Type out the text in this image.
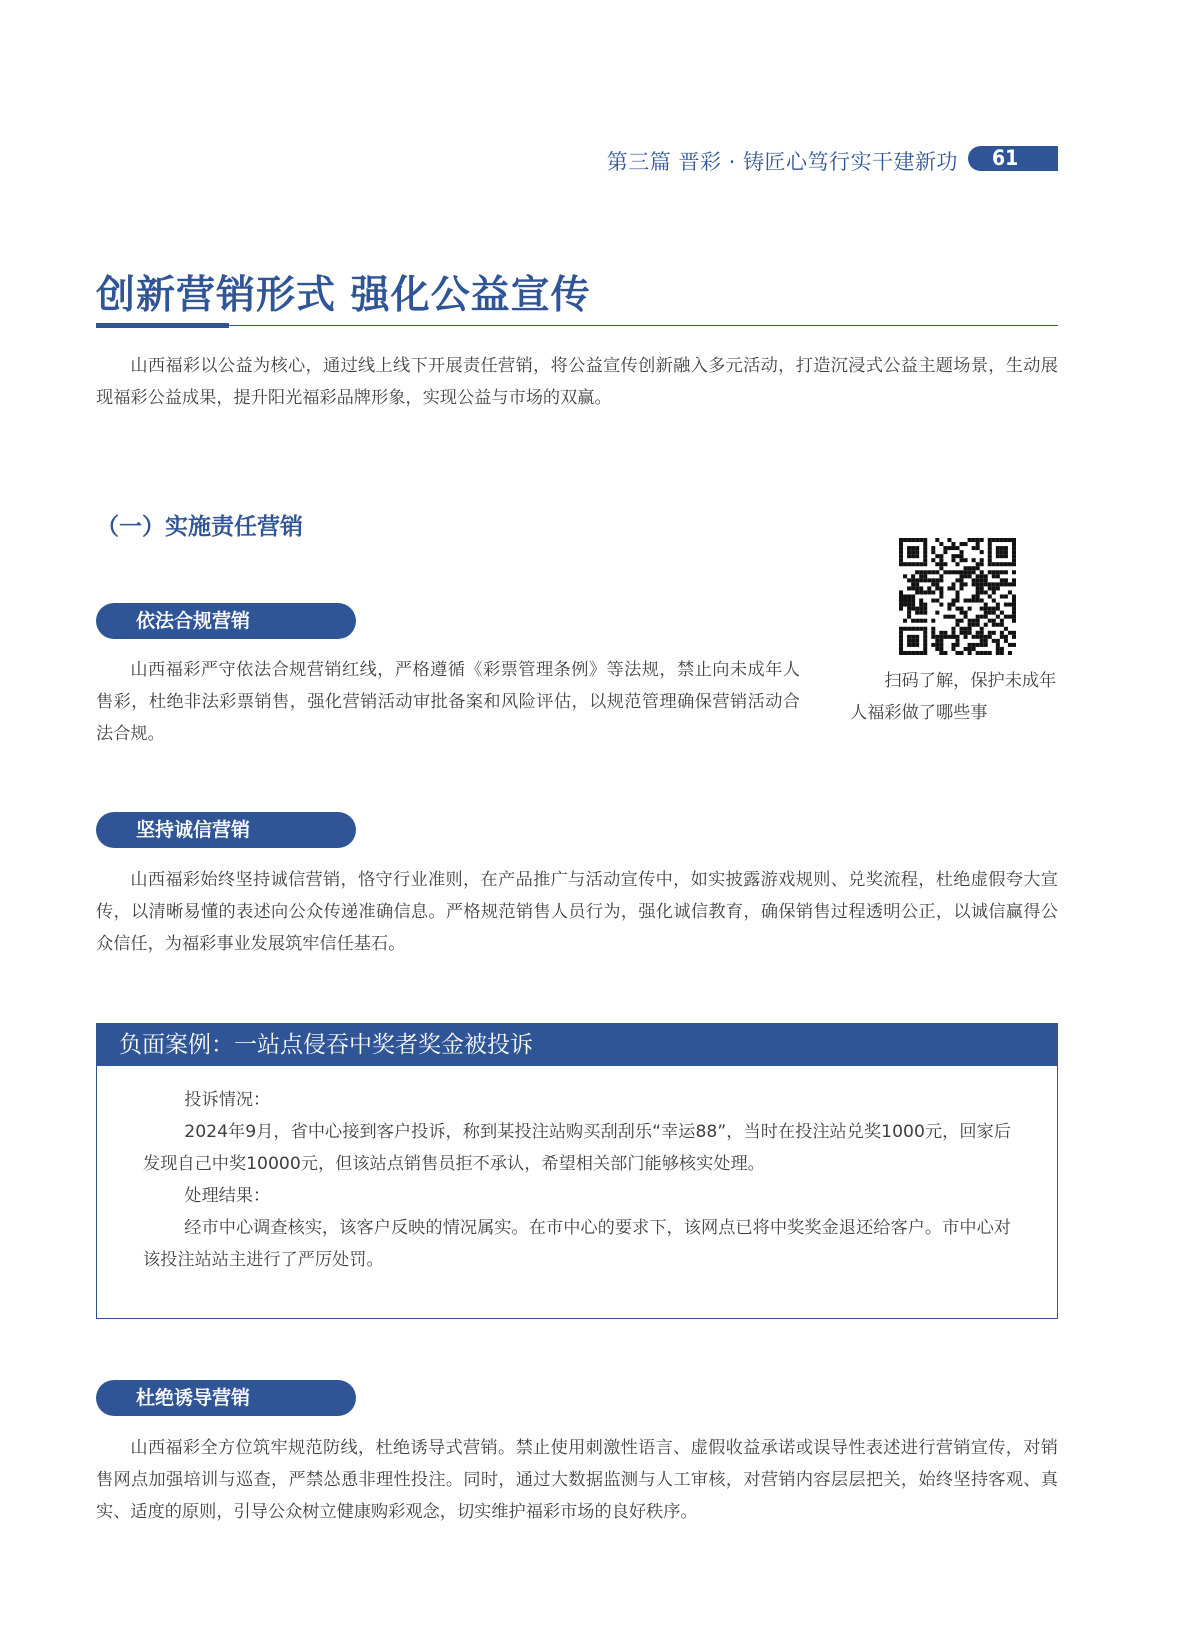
第三篇 晋彩 · 铸匠心笃行实干建新功 61
创新营销形式 强化公益宣传
山西福彩以公益为核心，通过线上线下开展责任营销，将公益宣传创新融入多元活动，打造沉浸式公益主题场景，生动展现福彩公益成果，提升阳光福彩品牌形象，实现公益与市场的双赢。
（一）实施责任营销
扫码了解，保护未成年人福彩做了哪些事
依法合规营销
山西福彩严守依法合规营销红线，严格遵循《彩票管理条例》等法规，禁止向未成年人售彩，杜绝非法彩票销售，强化营销活动审批备案和风险评估，以规范管理确保营销活动合法合规。
坚持诚信营销
山西福彩始终坚持诚信营销，恪守行业准则，在产品推广与活动宣传中，如实披露游戏规则、兑奖流程，杜绝虚假夸大宣传，以清晰易懂的表述向公众传递准确信息。严格规范销售人员行为，强化诚信教育，确保销售过程透明公正，以诚信赢得公众信任，为福彩事业发展筑牢信任基石。
负面案例：一站点侵吞中奖者奖金被投诉

投诉情况：

2024年9月，省中心接到客户投诉，称到某投注站购买刮刮乐“幸运88”，当时在投注站兑奖1000元，回家后发现自己中奖10000元，但该站点销售员拒不承认，希望相关部门能够核实处理。

处理结果：

经市中心调查核实，该客户反映的情况属实。在市中心的要求下，该网点已将中奖奖金退还给客户。市中心对该投注站站主进行了严厉处罚。

杜绝诱导营销
山西福彩全方位筑牢规范防线，杜绝诱导式营销。禁止使用刺激性语言、虚假收益承诺或误导性表述进行营销宣传，对销售网点加强培训与巡查，严禁怂恿非理性投注。同时，通过大数据监测与人工审核，对营销内容层层把关，始终坚持客观、真实、适度的原则，引导公众树立健康购彩观念，切实维护福彩市场的良好秩序。
